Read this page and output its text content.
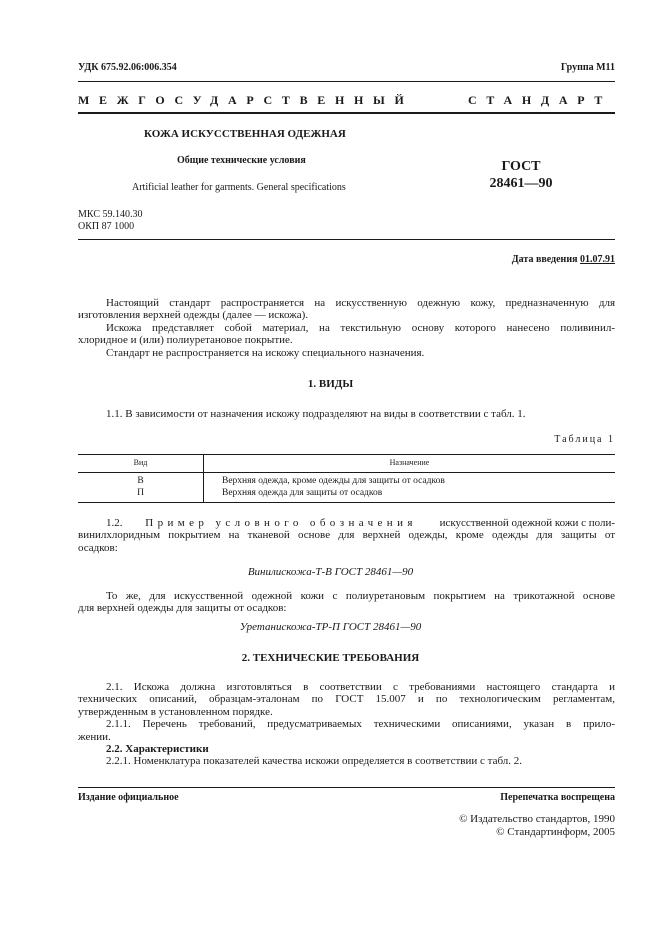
УДК 675.92.06:006.354	Группа М11
МЕЖГОСУДАРСТВЕННЫЙ	СТАНДАРТ
КОЖА ИСКУССТВЕННАЯ ОДЕЖНАЯ
Общие технические условия
Artificial leather for garments. General specifications
ГОСТ
28461—90
МКС 59.140.30
ОКП 87 1000
Дата введения 01.07.91

Настоящий стандарт распространяется на искусственную одежную кожу, предназначенную для

изготовления верхней одежды (далее — искожа).

Искожа представляет собой материал, на текстильную основу которого нанесено поливинил-

хлоридное и (или) полиуретановое покрытие.

Стандарт не распространяется на искожу специального назначения.

1. ВИДЫ

1.1. В зависимости от назначения искожу подразделяют на виды в соответствии с табл. 1.

Таблица 1
Вид	Назначение
В	Верхняя одежда, кроме одежды для защиты от осадков
П	Верхняя одежда для защиты от осадков

1.2. Пример условного обозначения искусственной одежной кожи с поли-

винилхлоридным покрытием на тканевой основе для верхней одежды, кроме одежды для защиты от

осадков:

Винилискожа-Т-В ГОСТ 28461—90

То же, для искусственной одежной кожи с полиуретановым покрытием на трикотажной основе

для верхней одежды для защиты от осадков:

Уретанискожа-ТР-П ГОСТ 28461—90
2. ТЕХНИЧЕСКИЕ ТРЕБОВАНИЯ

2.1. Искожа должна изготовляться в соответствии с требованиями настоящего стандарта и

технических описаний, образцам-эталонам по ГОСТ 15.007 и по технологическим регламентам,

утвержденным в установленном порядке.

2.1.1. Перечень требований, предусматриваемых техническими описаниями, указан в прило-

жении.

2.2. Характеристики

2.2.1. Номенклатура показателей качества искожи определяется в соответствии с табл. 2.

Издание официальное	Перепечатка воспрещена
© Издательство стандартов, 1990
© Стандартинформ, 2005
